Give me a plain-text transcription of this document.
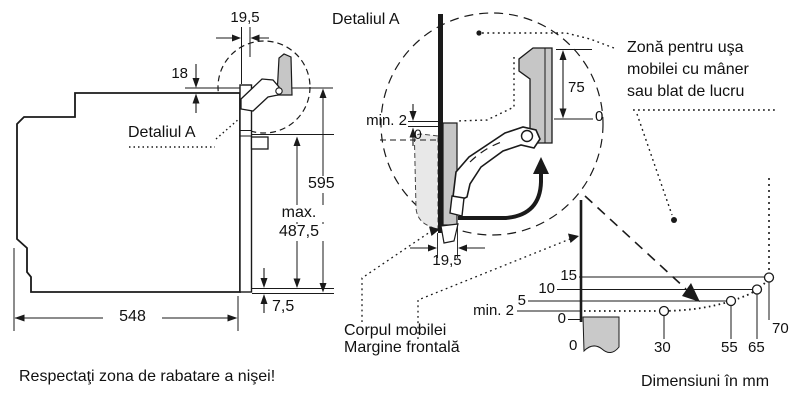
Detaliul A
Zonă pentru uşa
mobilei cu mâner
sau blat de lucru
19,5
18
Detaliul A
595
max.
487,5
548
7,5
Respectaţi zona de rabatare a nişei!
min. 2
0
75
0
19,5
Corpul mobilei
Margine frontală
15
10
5
min. 2	0
0	30	55 65
70
Dimensiuni în mm
